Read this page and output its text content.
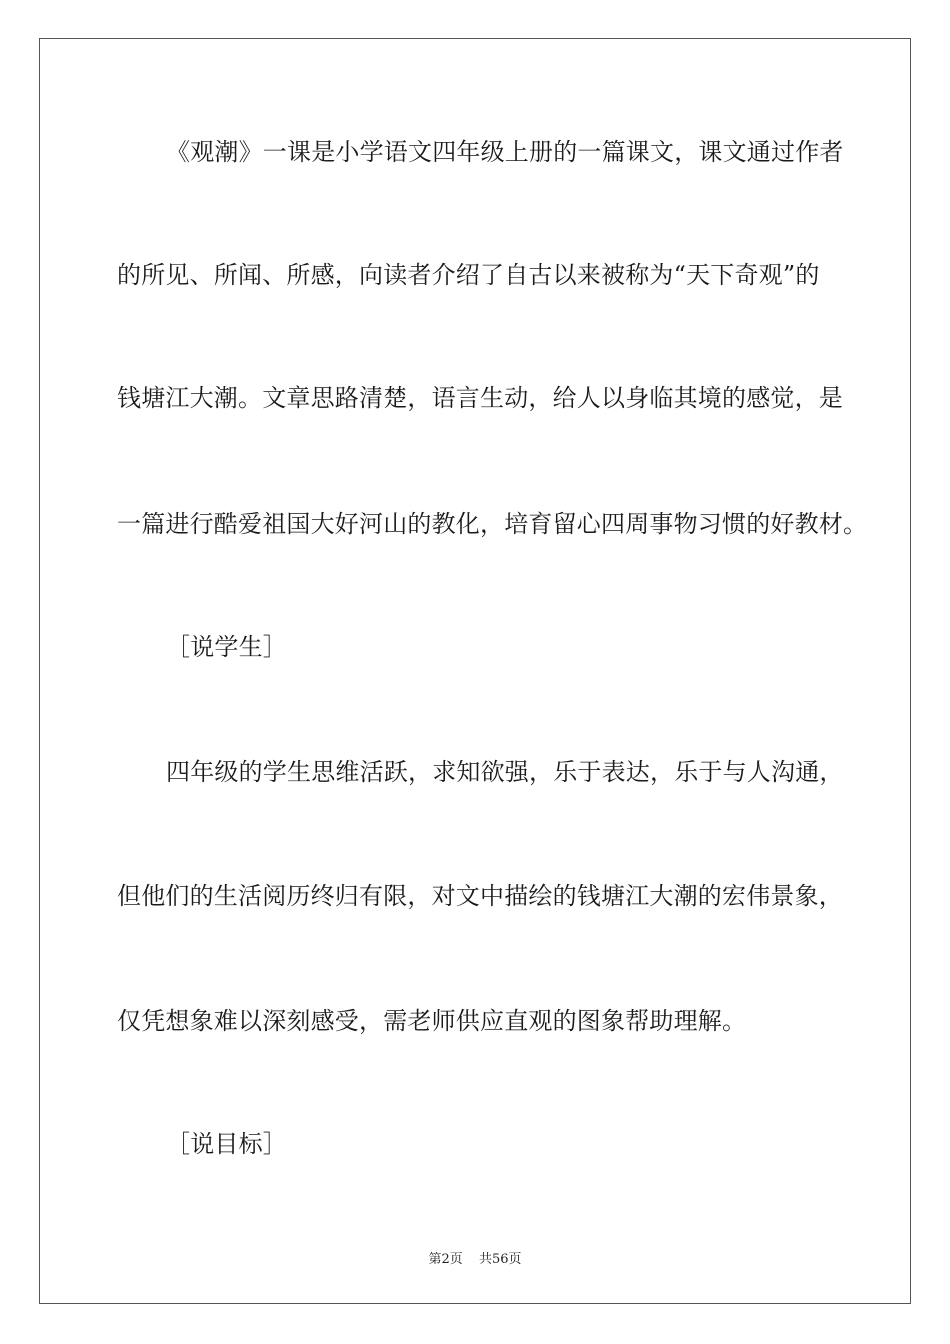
《观潮》一课是小学语文四年级上册的一篇课文，课文通过作者
的所见、所闻、所感，向读者介绍了自古以来被称为“天下奇观”的
钱塘江大潮。文章思路清楚，语言生动，给人以身临其境的感觉，是
一篇进行酷爱祖国大好河山的教化，培育留心四周事物习惯的好教材。
［说学生］
四年级的学生思维活跃，求知欲强，乐于表达，乐于与人沟通，
但他们的生活阅历终归有限，对文中描绘的钱塘江大潮的宏伟景象，
仅凭想象难以深刻感受，需老师供应直观的图象帮助理解。
［说目标］
第2页 共56页
